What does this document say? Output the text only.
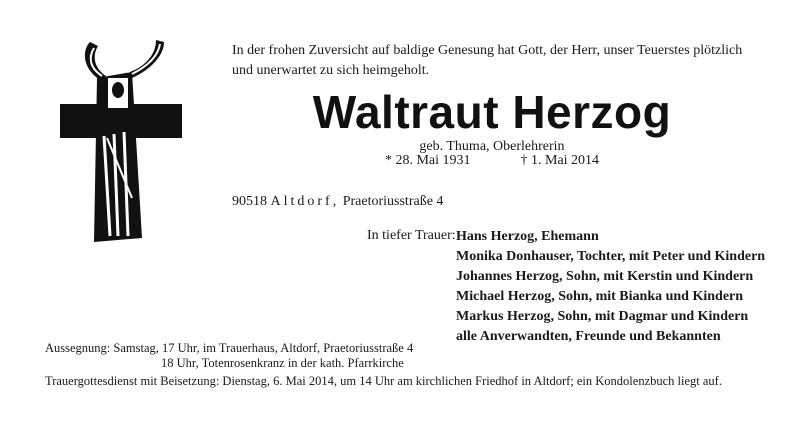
In der frohen Zuversicht auf baldige Genesung hat Gott, der Herr, unser Teuerstes plötzlich
und unerwartet zu sich heimgeholt.

Waltraut Herzog

geb. Thuma, Oberlehrerin

* 28. Mai 1931	† 1. Mai 2014

90518 Altdorf, Praetoriusstraße 4

In tiefer Trauer: Hans Herzog, Ehemann
Monika Donhauser, Tochter, mit Peter und Kindern
Johannes Herzog, Sohn, mit Kerstin und Kindern
Michael Herzog, Sohn, mit Bianka und Kindern
Markus Herzog, Sohn, mit Dagmar und Kindern
alle Anverwandten, Freunde und Bekannten

Aussegnung: Samstag, 17 Uhr, im Trauerhaus, Altdorf, Praetoriusstraße 4
18 Uhr, Totenrosenkranz in der kath. Pfarrkirche
Trauergottesdienst mit Beisetzung: Dienstag, 6. Mai 2014, um 14 Uhr am kirchlichen Friedhof in Altdorf; ein Kondolenzbuch liegt auf.
